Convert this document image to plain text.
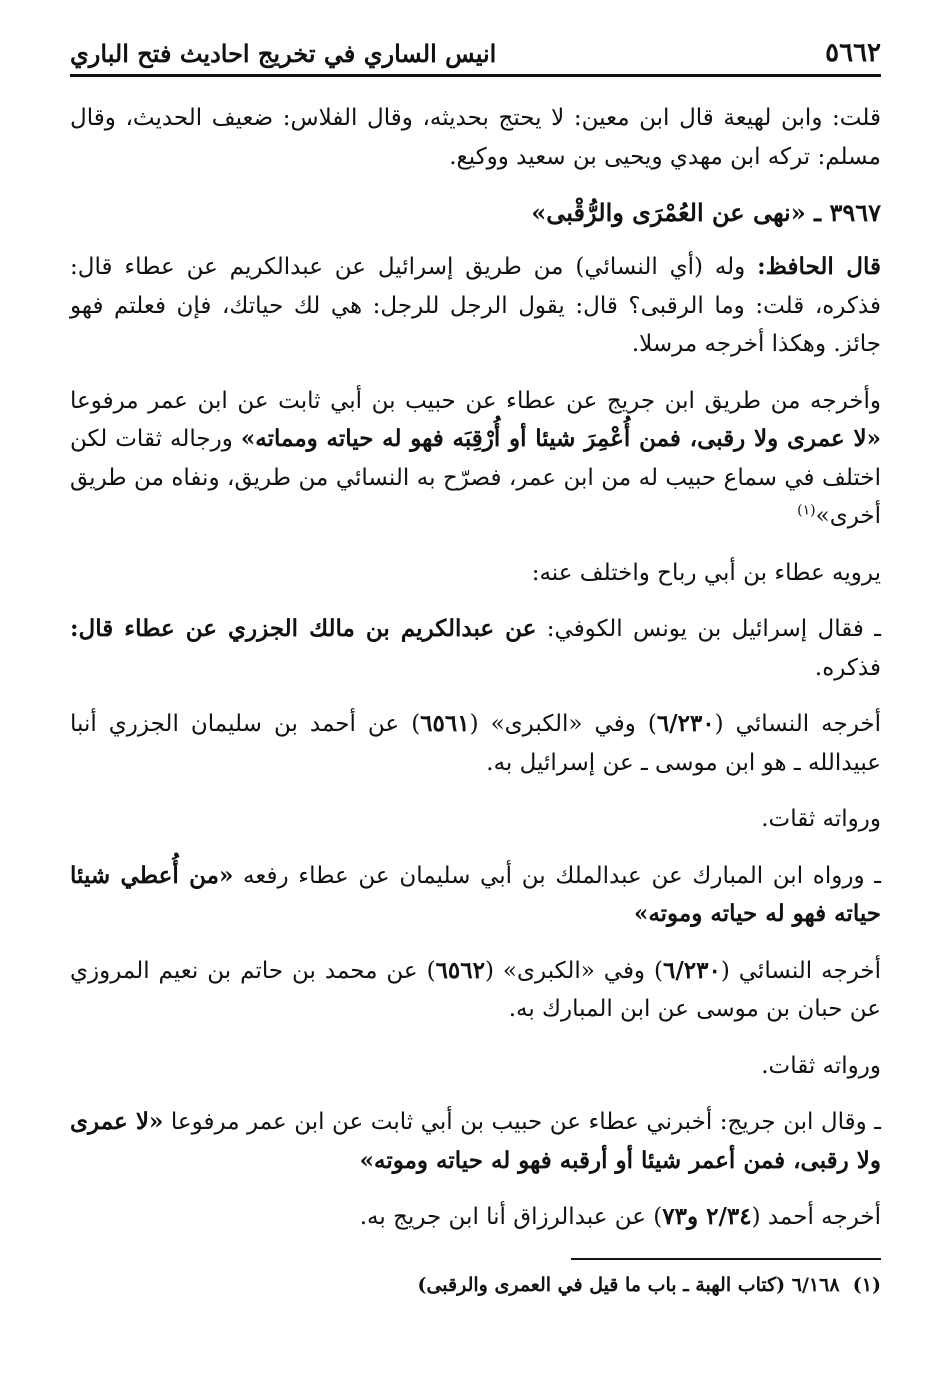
٥٦٦٢
انيس الساري في تخريج احاديث فتح الباري

قلت: وابن لهيعة قال ابن معين: لا يحتج بحديثه، وقال الفلاس: ضعيف الحديث، وقال مسلم: تركه ابن مهدي ويحيى بن سعيد ووكيع.

٣٩٦٧ ـ «نهى عن العُمْرَى والرُّقْبى»

قال الحافظ: وله (أي النسائي) من طريق إسرائيل عن عبدالكريم عن عطاء قال: فذكره، قلت: وما الرقبى؟ قال: يقول الرجل للرجل: هي لك حياتك، فإن فعلتم فهو جائز. وهكذا أخرجه مرسلا.

وأخرجه من طريق ابن جريج عن عطاء عن حبيب بن أبي ثابت عن ابن عمر مرفوعا «لا عمرى ولا رقبى، فمن أُعْمِرَ شيئا أو أُرْقِبَه فهو له حياته ومماته» ورجاله ثقات لكن اختلف في سماع حبيب له من ابن عمر، فصرّح به النسائي من طريق، ونفاه من طريق أخرى»$^{(١)}$

يرويه عطاء بن أبي رباح واختلف عنه:

ـ فقال إسرائيل بن يونس الكوفي: عن عبدالكريم بن مالك الجزري عن عطاء قال: فذكره.

أخرجه النسائي (٦/٢٣٠) وفي «الكبرى» (٦٥٦١) عن أحمد بن سليمان الجزري أنبا عبيدالله ـ هو ابن موسى ـ عن إسرائيل به.

ورواته ثقات.

ـ ورواه ابن المبارك عن عبدالملك بن أبي سليمان عن عطاء رفعه «من أُعطي شيئا حياته فهو له حياته وموته»

أخرجه النسائي (٦/٢٣٠) وفي «الكبرى» (٦٥٦٢) عن محمد بن حاتم بن نعيم المروزي عن حبان بن موسى عن ابن المبارك به.

ورواته ثقات.

ـ وقال ابن جريج: أخبرني عطاء عن حبيب بن أبي ثابت عن ابن عمر مرفوعا «لا عمرى ولا رقبى، فمن أعمر شيئا أو أرقبه فهو له حياته وموته»

أخرجه أحمد (٢/٣٤ و٧٣) عن عبدالرزاق أنا ابن جريج به.

(١)  ٦/١٦٨ (كتاب الهبة ـ باب ما قيل في العمرى والرقبى)
